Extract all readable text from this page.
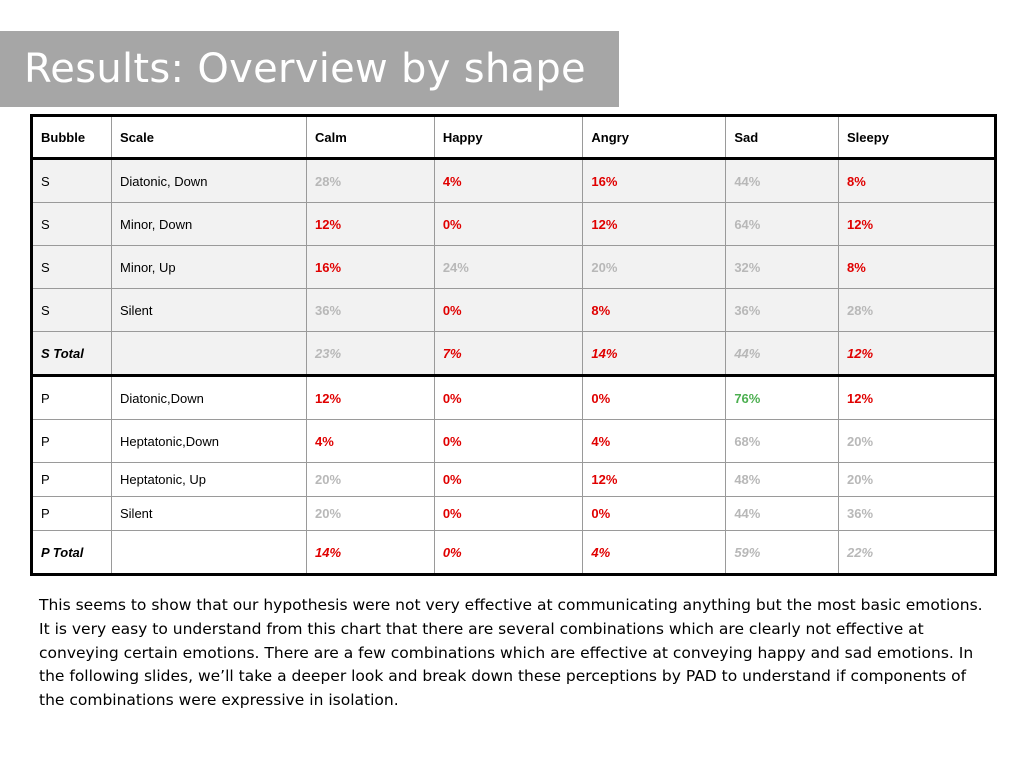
Results: Overview by shape
Bubble	Scale	Calm	Happy	Angry	Sad	Sleepy
S	Diatonic, Down	28%	4%	16%	44%	8%
S	Minor, Down	12%	0%	12%	64%	12%
S	Minor, Up	16%	24%	20%	32%	8%
S	Silent	36%	0%	8%	36%	28%
S Total		23%	7%	14%	44%	12%
P	Diatonic,Down	12%	0%	0%	76%	12%
P	Heptatonic,Down	4%	0%	4%	68%	20%
P	Heptatonic, Up	20%	0%	12%	48%	20%
P	Silent	20%	0%	0%	44%	36%
P Total		14%	0%	4%	59%	22%

This seems to show that our hypothesis were not very effective at communicating anything but the most basic emotions. It is very easy to understand from this chart that there are several combinations which are clearly not effective at conveying certain emotions. There are a few combinations which are effective at conveying happy and sad emotions. In the following slides, we’ll take a deeper look and break down these perceptions by PAD to understand if components of the combinations were expressive in isolation.
